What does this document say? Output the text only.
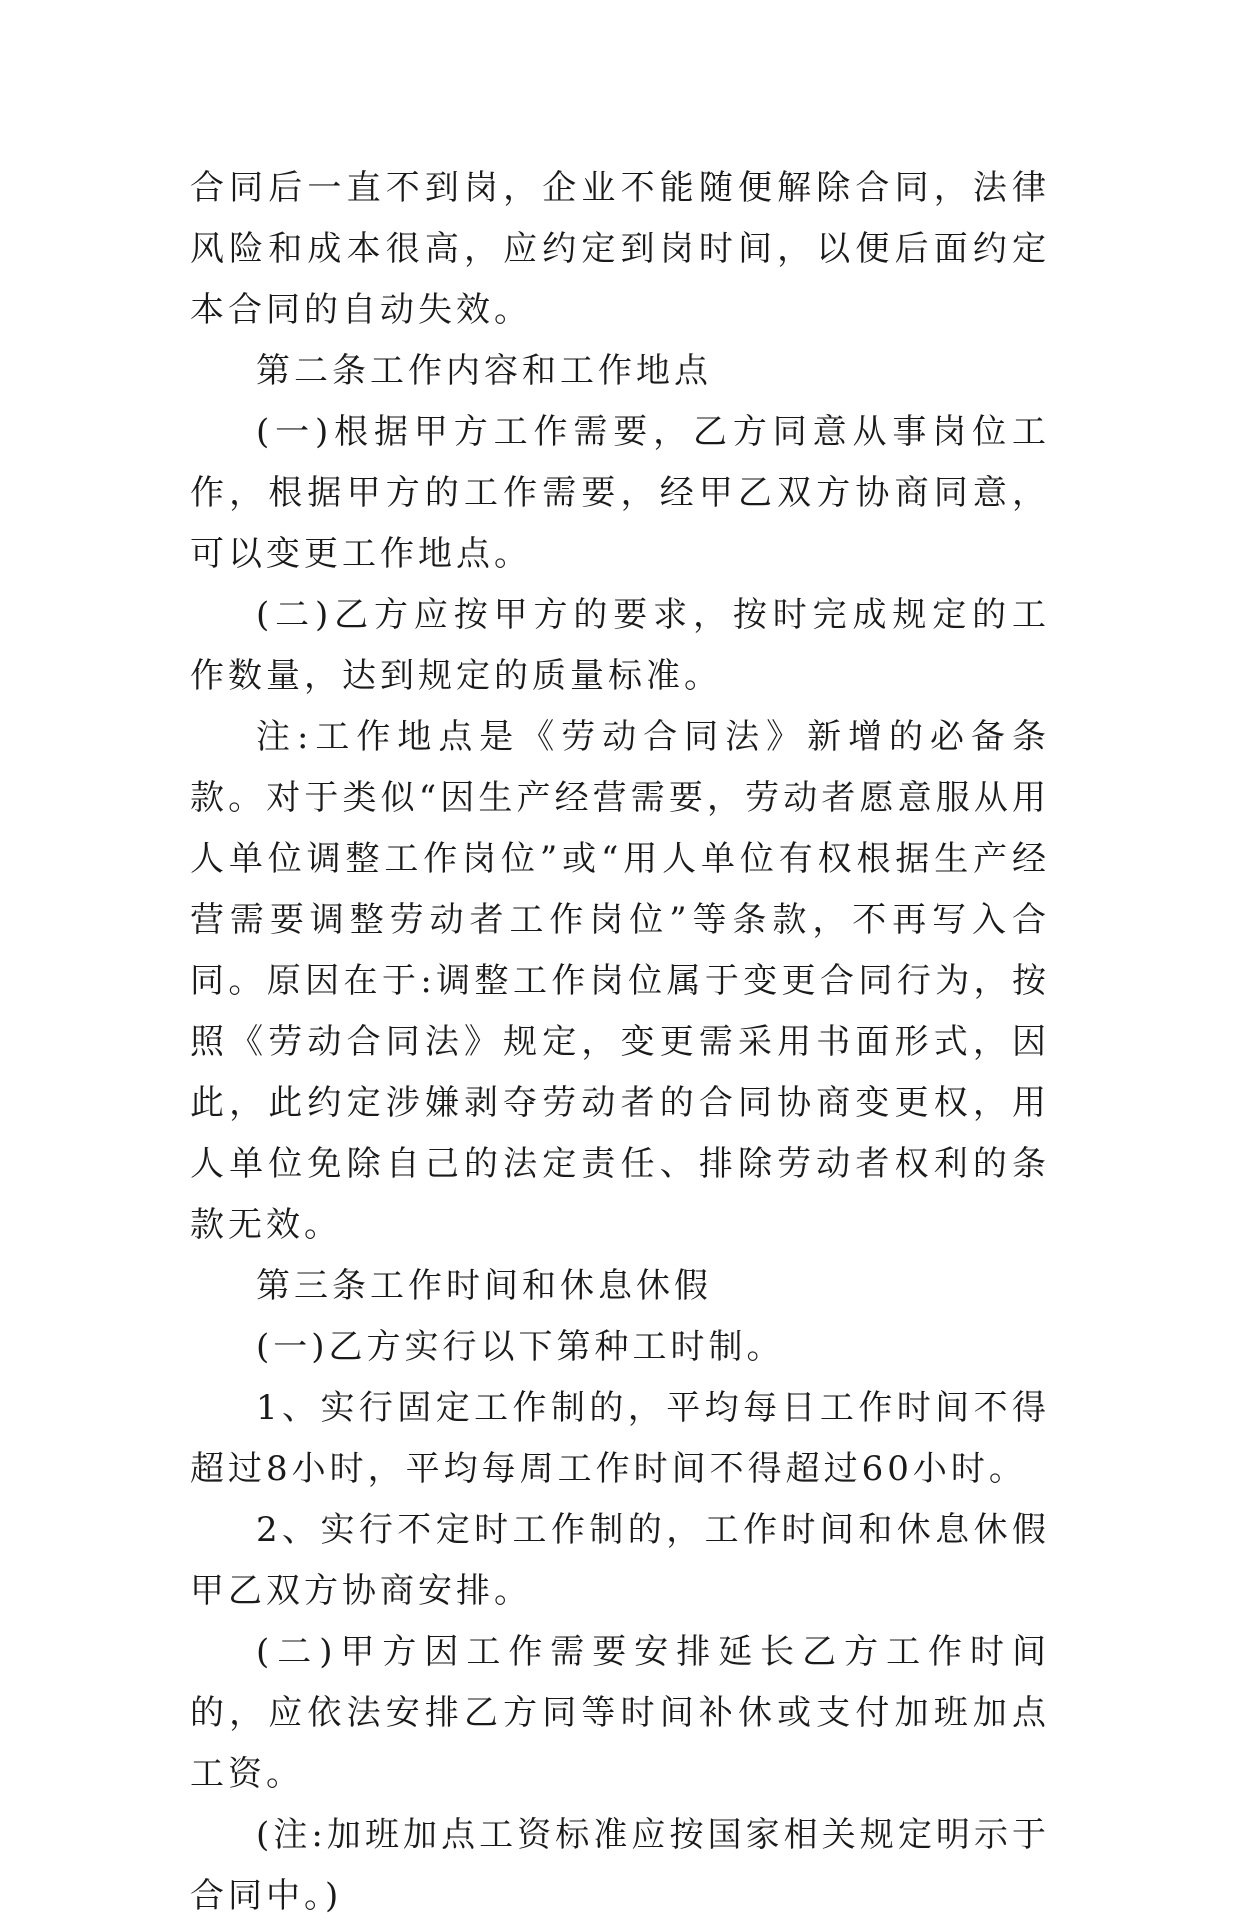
合同后一直不到岗，企业不能随便解除合同，法律风险和成本很高，应约定到岗时间，以便后面约定本合同的自动失效。

第二条工作内容和工作地点

(一)根据甲方工作需要，乙方同意从事岗位工作，根据甲方的工作需要，经甲乙双方协商同意，可以变更工作地点。

(二)乙方应按甲方的要求，按时完成规定的工作数量，达到规定的质量标准。

注:工作地点是《劳动合同法》新增的必备条款。对于类似“因生产经营需要，劳动者愿意服从用人单位调整工作岗位”或“用人单位有权根据生产经营需要调整劳动者工作岗位”等条款，不再写入合同。原因在于:调整工作岗位属于变更合同行为，按照《劳动合同法》规定，变更需采用书面形式，因此，此约定涉嫌剥夺劳动者的合同协商变更权，用人单位免除自己的法定责任、排除劳动者权利的条款无效。

第三条工作时间和休息休假

(一)乙方实行以下第种工时制。

1、实行固定工作制的，平均每日工作时间不得超过8小时，平均每周工作时间不得超过60小时。

2、实行不定时工作制的，工作时间和休息休假甲乙双方协商安排。

(二)甲方因工作需要安排延长乙方工作时间的，应依法安排乙方同等时间补休或支付加班加点工资。

(注:加班加点工资标准应按国家相关规定明示于合同中。)
